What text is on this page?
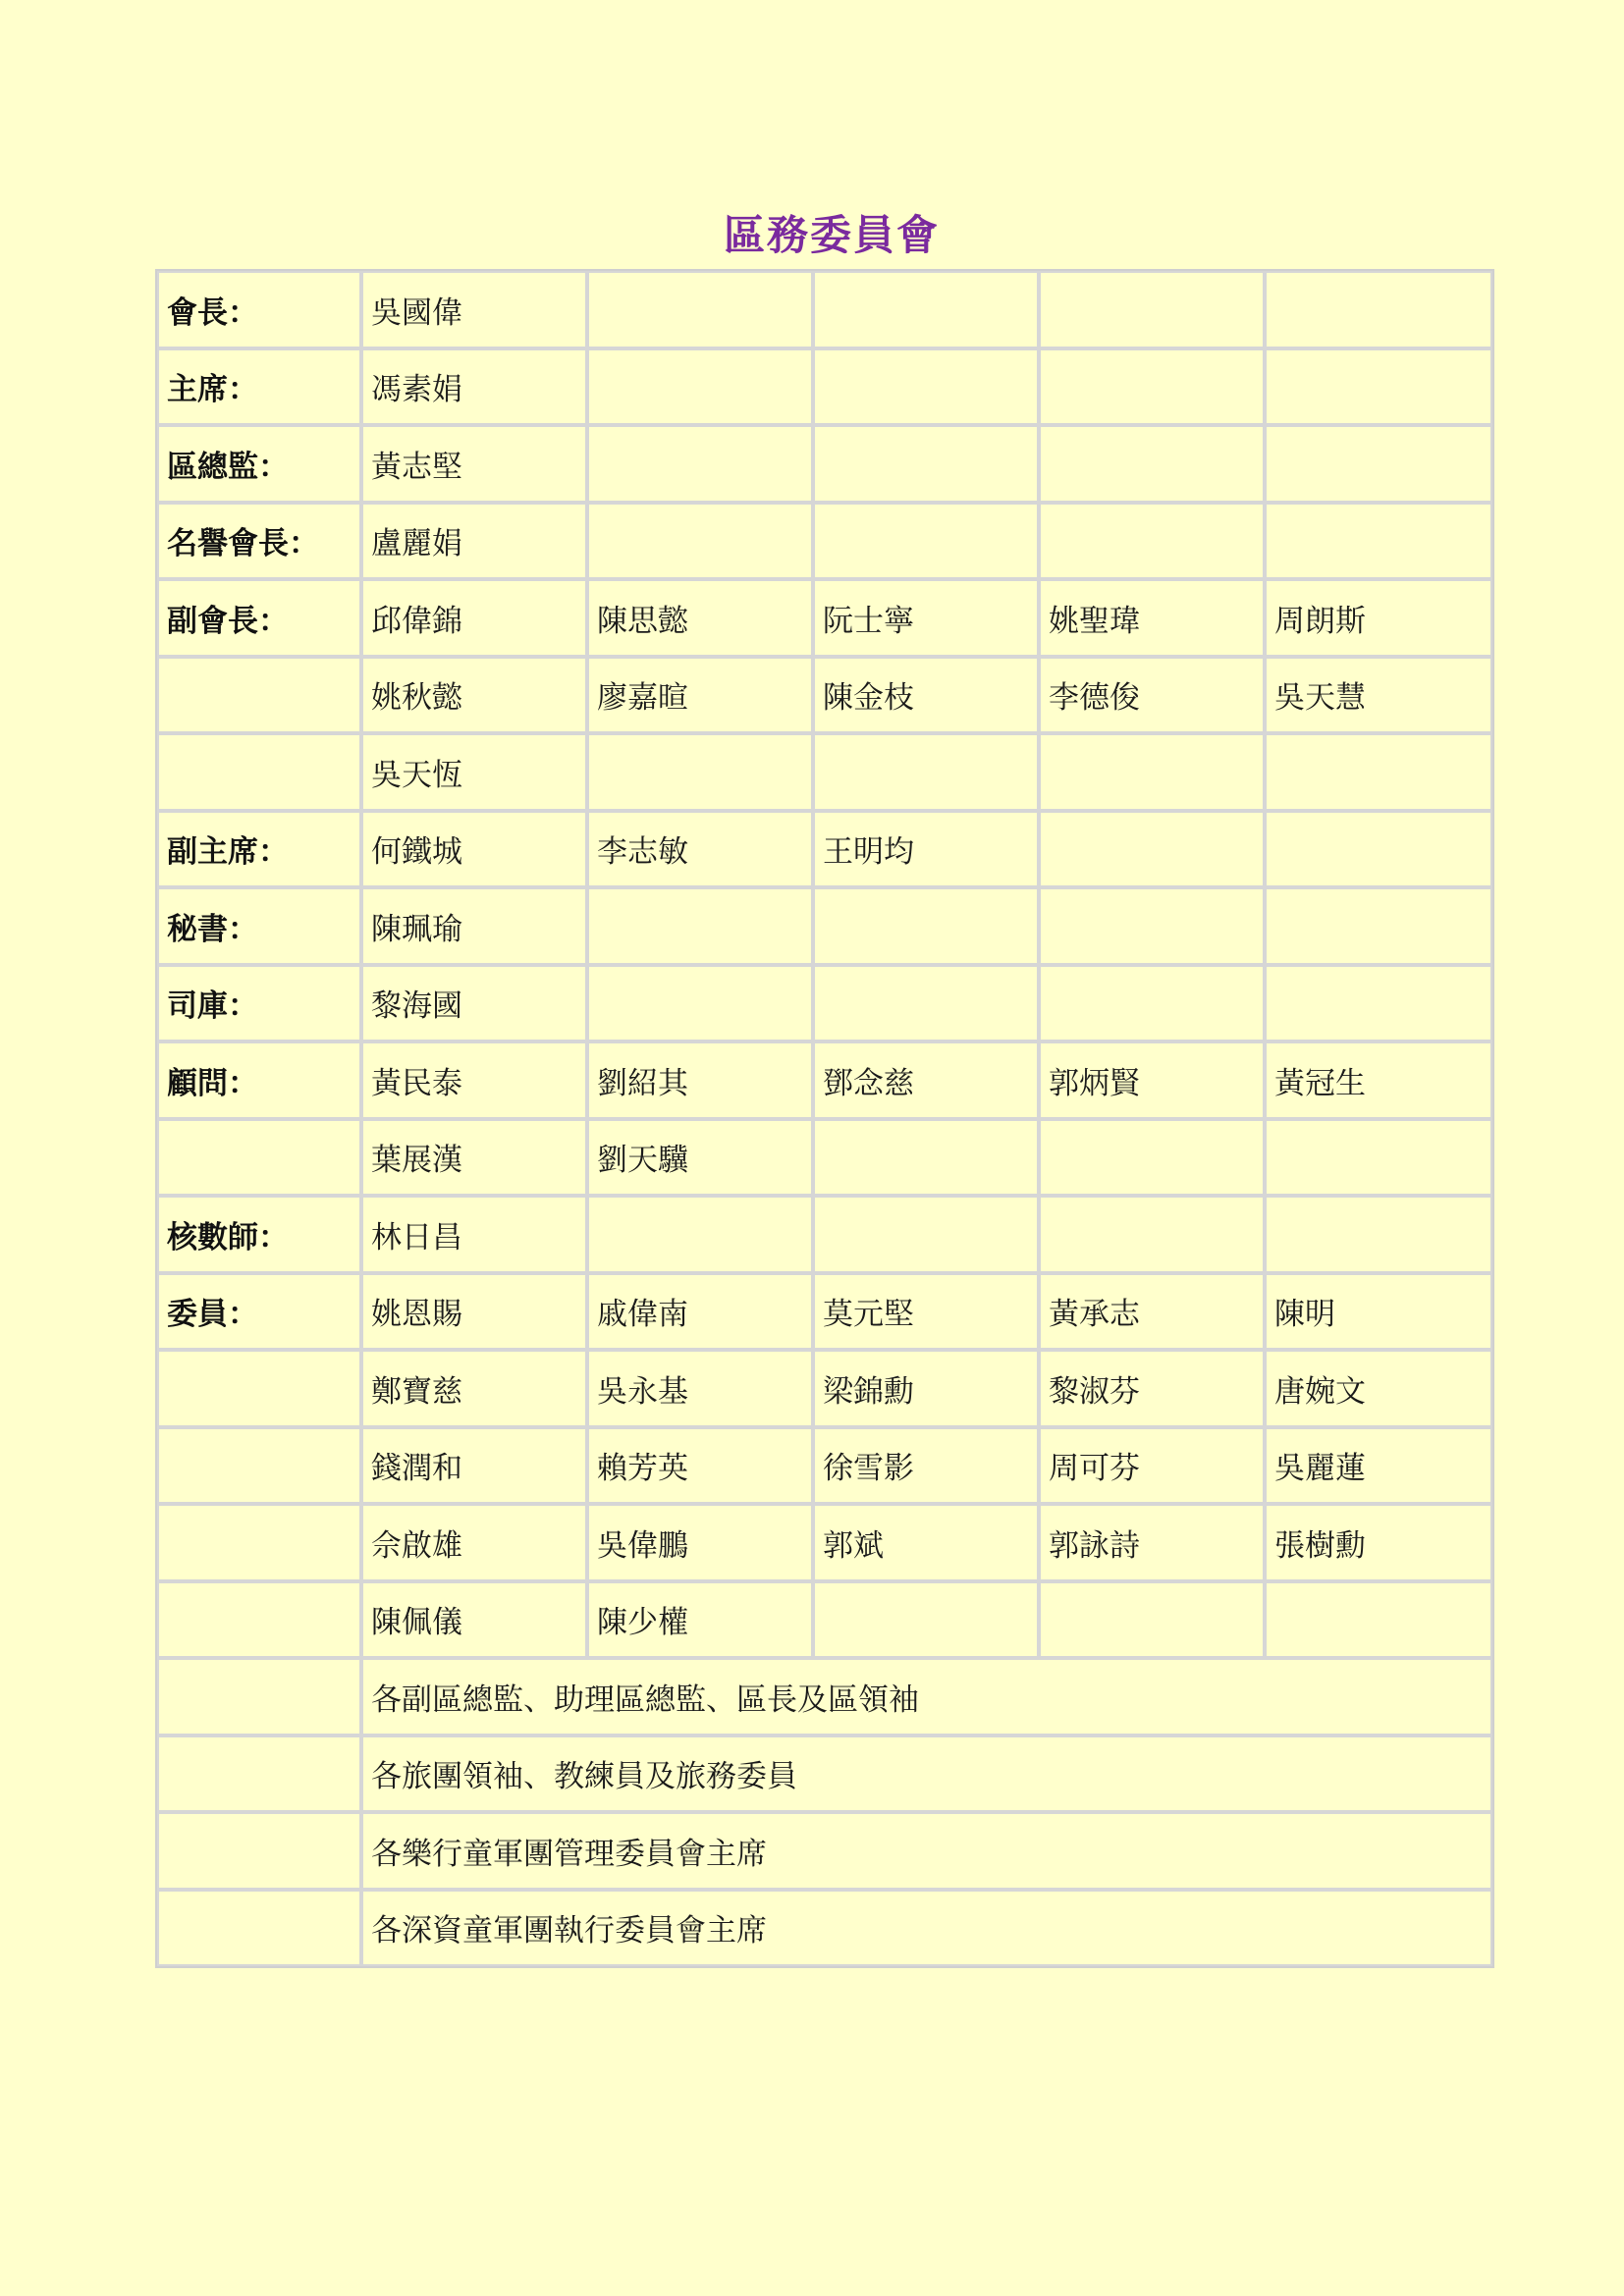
區務委員會
會長：	吳國偉				
主席：	馮素娟				
區總監：	黃志堅				
名譽會長：	盧麗娟				
副會長：	邱偉錦	陳思懿	阮士寧	姚聖瑋	周朗斯
	姚秋懿	廖嘉暄	陳金枝	李德俊	吳天慧
	吳天恆				
副主席：	何鐵城	李志敏	王明均		
秘書：	陳珮瑜				
司庫：	黎海國				
顧問：	黃民泰	劉紹其	鄧念慈	郭炳賢	黃冠生
	葉展漢	劉天驥			
核數師：	林日昌				
委員：	姚恩賜	戚偉南	莫元堅	黃承志	陳明
	鄭寶慈	吳永基	梁錦勳	黎淑芬	唐婉文
	錢潤和	賴芳英	徐雪影	周可芬	吳麗蓮
	佘啟雄	吳偉鵬	郭斌	郭詠詩	張樹勳
	陳佩儀	陳少權			
	各副區總監、助理區總監、區長及區領袖				
	各旅團領袖、教練員及旅務委員				
	各樂行童軍團管理委員會主席				
	各深資童軍團執行委員會主席				
